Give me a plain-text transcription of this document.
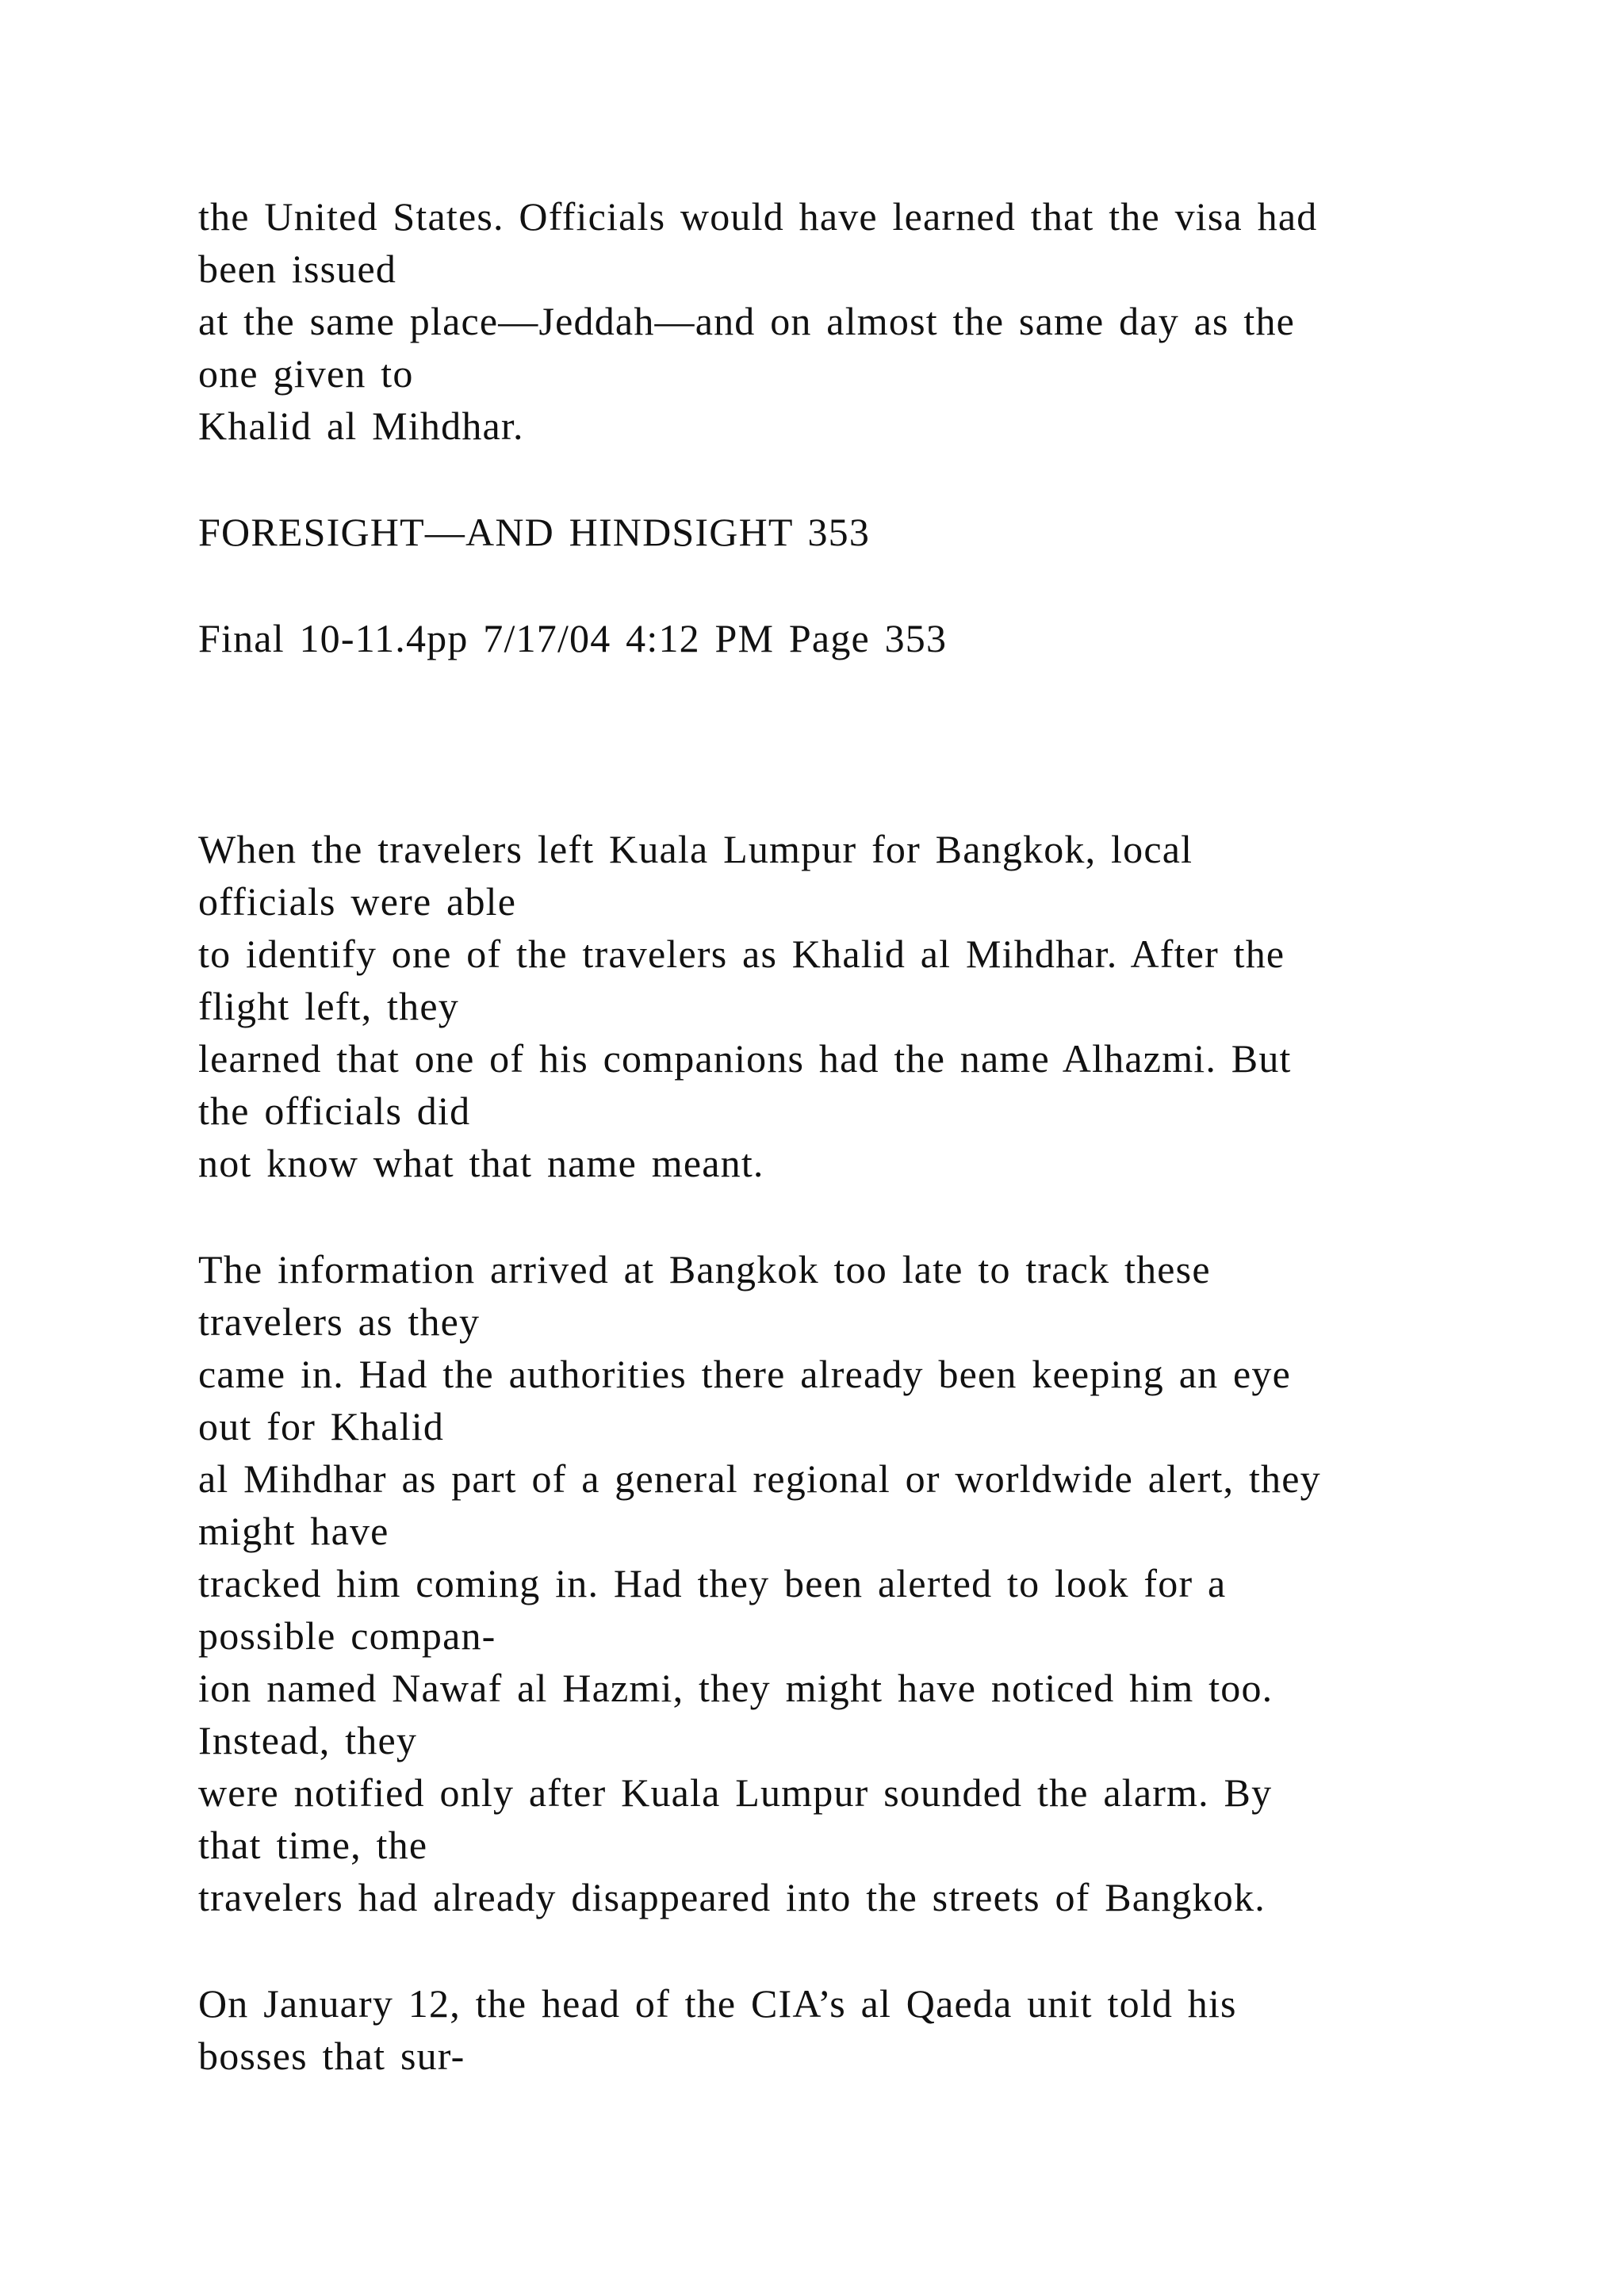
the United States. Officials would have learned that the visa had
been issued
at the same place—Jeddah—and on almost the same day as the
one given to
Khalid al Mihdhar.
FORESIGHT—AND HINDSIGHT 353
Final 10-11.4pp 7/17/04 4:12 PM Page 353
When the travelers left Kuala Lumpur for Bangkok, local
officials were able
to identify one of the travelers as Khalid al Mihdhar. After the
flight left, they
learned that one of his companions had the name Alhazmi. But
the officials did
not know what that name meant.
The information arrived at Bangkok too late to track these
travelers as they
came in. Had the authorities there already been keeping an eye
out for Khalid
al Mihdhar as part of a general regional or worldwide alert, they
might have
tracked him coming in. Had they been alerted to look for a
possible compan-
ion named Nawaf al Hazmi, they might have noticed him too.
Instead, they
were notified only after Kuala Lumpur sounded the alarm. By
that time, the
travelers had already disappeared into the streets of Bangkok.
On January 12, the head of the CIA’s al Qaeda unit told his
bosses that sur-
